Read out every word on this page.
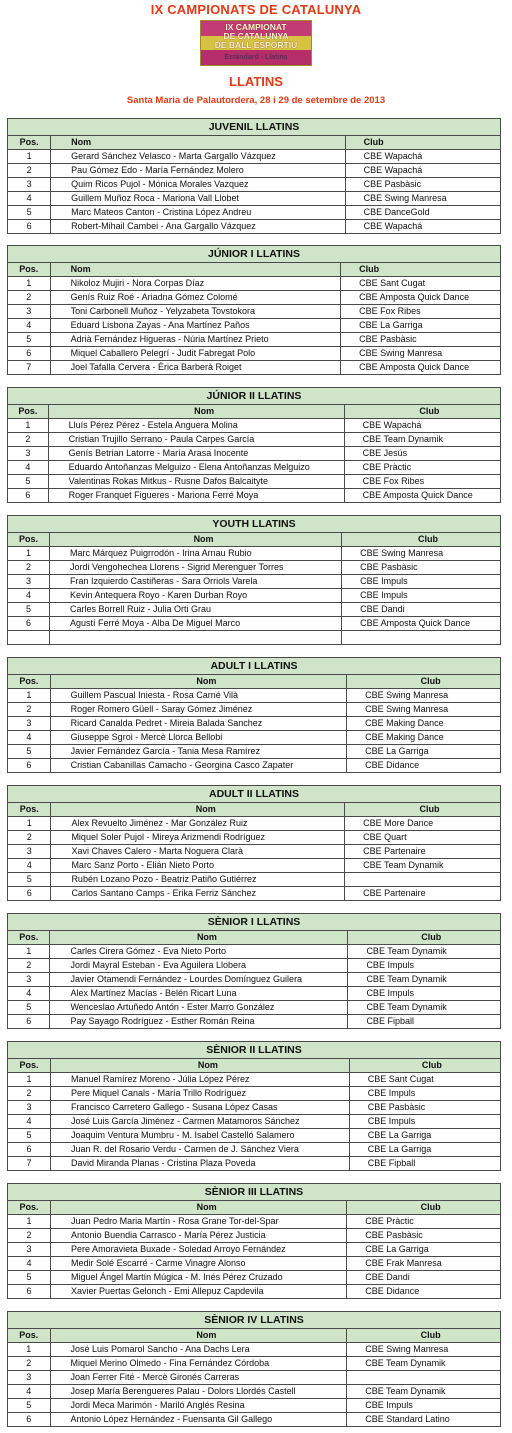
IX CAMPIONATS DE CATALUNYA
IX CAMPIONAT
DE CATALUNYA
DE BALL ESPORTIU
Estàndard - Llatins
LLATINS
Santa Maria de Palautordera, 28 i 29 de setembre de 2013
JUVENIL LLATINS		
Pos.	Nom	Club
1	Gerard Sánchez Velasco - Marta Gargallo Vázquez	CBE Wapachá
2	Pau Gómez Edo - María Fernández Molero	CBE Wapachá
3	Quim Ricos Pujol - Mónica Morales Vazquez	CBE Pasbàsic
4	Guillem Muñoz Roca - Mariona Vall Llobet	CBE Swing Manresa
5	Marc Mateos Canton - Cristina López Andreu	CBE DanceGold
6	Robert-Mihail Cambei - Ana Gargallo Vázquez	CBE Wapachá
JÚNIOR I LLATINS		
Pos.	Nom	Club
1	Nikoloz Mujiri - Nora Corpas Díaz	CBE Sant Cugat
2	Genís Ruiz Roé - Ariadna Gómez Colomé	CBE Amposta Quick Dance
3	Toni Carbonell Muñoz - Yelyzabeta Tovstokora	CBE Fox Ribes
4	Eduard Lisbona Zayas - Ana Martínez Paños	CBE La Garriga
5	Adrià Fernández Higueras - Núria Martínez Prieto	CBE Pasbàsic
6	Miquel Caballero Pelegrí - Judit Fabregat Polo	CBE Swing Manresa
7	Joel Tafalla Cervera - Èrica Barberà Roiget	CBE Amposta Quick Dance
JÚNIOR II LLATINS		
Pos.	Nom	Club
1	Lluís Pérez Pérez - Estela Anguera Molina	CBE Wapachá
2	Cristian Trujillo Serrano - Paula Carpes García	CBE Team Dynamik
3	Genís Betrian Latorre - María Arasa Inocente	CBE Jesús
4	Eduardo Antoñanzas Melguizo - Elena Antoñanzas Melguizo	CBE Pràctic
5	Valentinas Rokas Mitkus - Rusne Dafos Balcaityte	CBE Fox Ribes
6	Roger Franquet Figueres - Mariona Ferré Moya	CBE Amposta Quick Dance
YOUTH LLATINS		
Pos.	Nom	Club
1	Marc Márquez Puigrrodón - Irina Arnau Rubio	CBE Swing Manresa
2	Jordi Vengohechea Llorens - Sigrid Merenguer Torres	CBE Pasbàsic
3	Fran Izquierdo Castiñeras - Sara Orriols Varela	CBE Impuls
4	Kevin Antequera Royo - Karen Durban Royo	CBE Impuls
5	Carles Borrell Ruiz - Julia Orti Grau	CBE Dandi
6	Agustí Ferré Moya - Alba De Miguel Marco	CBE Amposta Quick Dance

ADULT I LLATINS		
Pos.	Nom	Club
1	Guillem Pascual Iniesta - Rosa Carné Vilà	CBE Swing Manresa
2	Roger Romero Güell - Saray Gómez Jiménez	CBE Swing Manresa
3	Ricard Canalda Pedret - Mireia Balada Sanchez	CBE Making Dance
4	Giuseppe Sgroi - Mercè Llorca Bellobi	CBE Making Dance
5	Javier Fernández García - Tania Mesa Ramírez	CBE La Garriga
6	Cristian Cabanillas Camacho - Georgina Casco Zapater	CBE Didance
ADULT II LLATINS		
Pos.	Nom	Club
1	Alex Revuelto Jiménez - Mar González Ruiz	CBE More Dance
2	Miquel Soler Pujol - Mireya Arizmendi Rodríguez	CBE Quart
3	Xavi Chaves Calero - Marta Noguera Clarà	CBE Partenaire
4	Marc Sanz Porto - Elián Nieto Porto	CBE Team Dynamik
5	Rubén Lozano Pozo - Beatriz Patiño Gutiérrez	
6	Carlos Santano Camps - Erika Ferriz Sánchez	CBE Partenaire
SÈNIOR I LLATINS		
Pos.	Nom	Club
1	Carles Cirera Gómez - Eva Nieto Porto	CBE Team Dynamik
2	Jordi Mayral Esteban - Eva Aguilera Llobera	CBE Impuls
3	Javier Otamendi Fernández - Lourdes Domínguez Guilera	CBE Team Dynamik
4	Alex Martínez Macías - Belén Ricart Luna	CBE Impuls
5	Wenceslao Artuñedo Antón - Ester Marro González	CBE Team Dynamik
6	Pay Sayago Rodríguez - Esther Román Reina	CBE Fipball
SÈNIOR II LLATINS		
Pos.	Nom	Club
1	Manuel Ramírez Moreno - Júlia López Pérez	CBE Sant Cugat
2	Pere Miquel Canals - María Trillo Rodríguez	CBE Impuls
3	Francisco Carretero Gallego - Susana López Casas	CBE Pasbàsic
4	José Luis García Jiménez - Carmen Matamoros Sánchez	CBE Impuls
5	Joaquim Ventura Mumbru - M. Isabel Castelló Salamero	CBE La Garriga
6	Juan R. del Rosario Verdu - Carmen de J. Sánchez Viera	CBE La Garriga
7	David Miranda Planas - Cristina Plaza Poveda	CBE Fipball
SÈNIOR III LLATINS		
Pos.	Nom	Club
1	Juan Pedro Maria Martín - Rosa Grane Tor-del-Spar	CBE Pràctic
2	Antonio Buendia Carrasco - María Pérez Justicia	CBE Pasbàsic
3	Pere Amoravieta Buxade - Soledad Arroyo Fernández	CBE La Garriga
4	Medir Solé Escarré - Carme Vinagre Alonso	CBE Frak Manresa
5	Miguel Ángel Martín Múgica - M. Inés Pérez Cruzado	CBE Dandi
6	Xavier Puertas Gelonch - Emi Allepuz Capdevila	CBE Didance
SÈNIOR IV LLATINS		
Pos.	Nom	Club
1	José Luis Pomarol Sancho - Ana Dachs Lera	CBE Swing Manresa
2	Miquel Merino Olmedo - Fina Fernández Córdoba	CBE Team Dynamik
3	Joan Ferrer Fité - Mercè Gironés Carreras	
4	Josep María Berengueres Palau - Dolors Llordés Castell	CBE Team Dynamik
5	Jordi Meca Marimón - Mariló Anglés Resina	CBE Impuls
6	Antonio López Hernández - Fuensanta Gil Gallego	CBE Standard Latino
